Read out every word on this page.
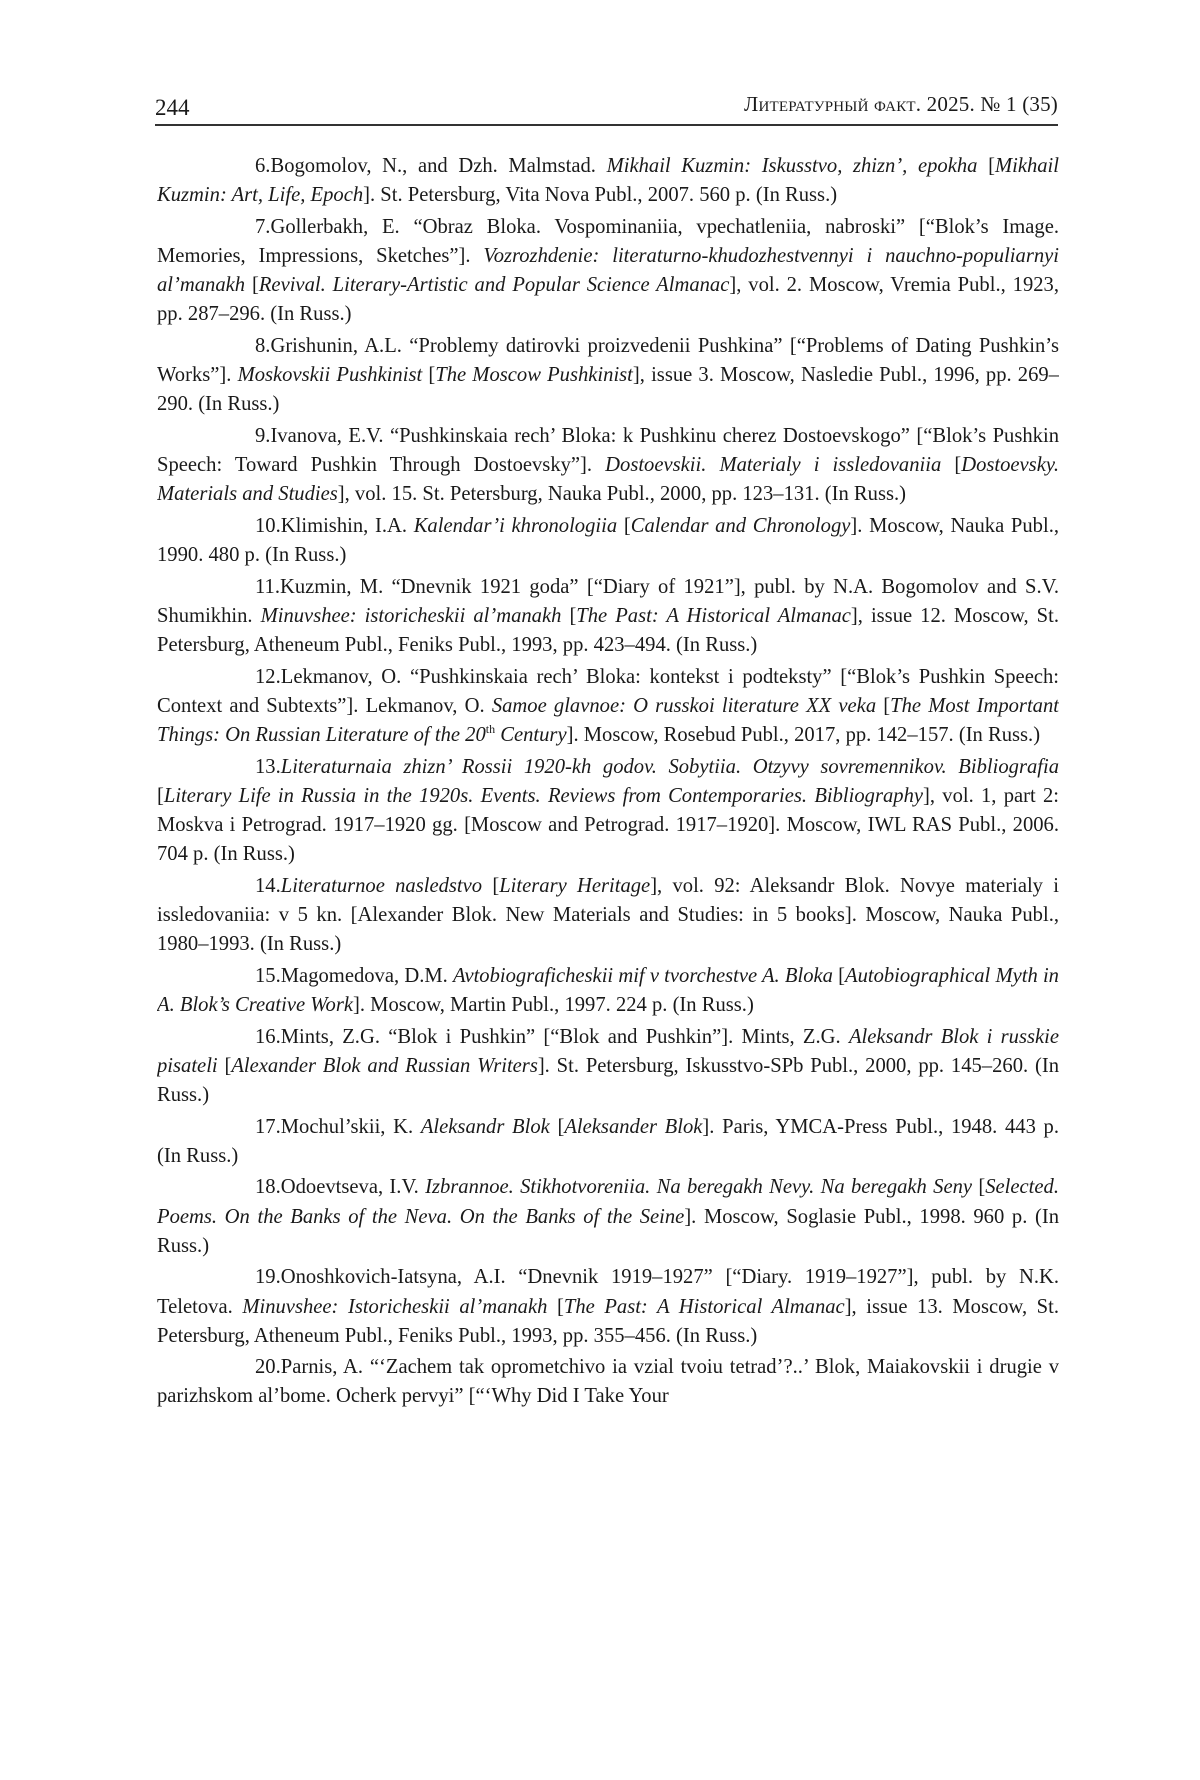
244	Литературный факт. 2025. № 1 (35)

6.Bogomolov, N., and Dzh. Malmstad. Mikhail Kuzmin: Iskusstvo, zhizn’, epokha [Mikhail Kuzmin: Art, Life, Epoch]. St. Petersburg, Vita Nova Publ., 2007. 560 p. (In Russ.)

7.Gollerbakh, E. “Obraz Bloka. Vospominaniia, vpechatleniia, nabroski” [“Blok’s Image. Memories, Impressions, Sketches”]. Vozrozhdenie: literaturno-khudozhestvennyi i nauchno-populiarnyi al’manakh [Revival. Literary-Artistic and Popular Science Almanac], vol. 2. Moscow, Vremia Publ., 1923, pp. 287–296. (In Russ.)

8.Grishunin, A.L. “Problemy datirovki proizvedenii Pushkina” [“Problems of Dating Pushkin’s Works”]. Moskovskii Pushkinist [The Moscow Pushkinist], issue 3. Moscow, Nasledie Publ., 1996, pp. 269–290. (In Russ.)

9.Ivanova, E.V. “Pushkinskaia rech’ Bloka: k Pushkinu cherez Dostoevskogo” [“Blok’s Pushkin Speech: Toward Pushkin Through Dostoevsky”]. Dostoevskii. Materialy i issledovaniia [Dostoevsky. Materials and Studies], vol. 15. St. Petersburg, Nauka Publ., 2000, pp. 123–131. (In Russ.)

10.Klimishin, I.A. Kalendar’i khronologiia [Calendar and Chronology]. Moscow, Nauka Publ., 1990. 480 p. (In Russ.)

11.Kuzmin, M. “Dnevnik 1921 goda” [“Diary of 1921”], publ. by N.A. Bogomolov and S.V. Shumikhin. Minuvshee: istoricheskii al’manakh [The Past: A Historical Almanac], issue 12. Moscow, St. Petersburg, Atheneum Publ., Feniks Publ., 1993, pp. 423–494. (In Russ.)

12.Lekmanov, O. “Pushkinskaia rech’ Bloka: kontekst i podteksty” [“Blok’s Pushkin Speech: Context and Subtexts”]. Lekmanov, O. Samoe glavnoe: O russkoi literature XX veka [The Most Important Things: On Russian Literature of the 20th Century]. Moscow, Rosebud Publ., 2017, pp. 142–157. (In Russ.)

13.Literaturnaia zhizn’ Rossii 1920-kh godov. Sobytiia. Otzyvy sovremennikov. Bibliografia [Literary Life in Russia in the 1920s. Events. Reviews from Contemporaries. Bibliography], vol. 1, part 2: Moskva i Petrograd. 1917–1920 gg. [Moscow and Petrograd. 1917–1920]. Moscow, IWL RAS Publ., 2006. 704 p. (In Russ.)

14.Literaturnoe nasledstvo [Literary Heritage], vol. 92: Aleksandr Blok. Novye materialy i issledovaniia: v 5 kn. [Alexander Blok. New Materials and Studies: in 5 books]. Moscow, Nauka Publ., 1980–1993. (In Russ.)

15.Magomedova, D.M. Avtobiograficheskii mif v tvorchestve A. Bloka [Autobiographical Myth in A. Blok’s Creative Work]. Moscow, Martin Publ., 1997. 224 p. (In Russ.)

16.Mints, Z.G. “Blok i Pushkin” [“Blok and Pushkin”]. Mints, Z.G. Aleksandr Blok i russkie pisateli [Alexander Blok and Russian Writers]. St. Petersburg, Iskusstvo-SPb Publ., 2000, pp. 145–260. (In Russ.)

17.Mochul’skii, K. Aleksandr Blok [Aleksander Blok]. Paris, YMCA-Press Publ., 1948. 443 p. (In Russ.)

18.Odoevtseva, I.V. Izbrannoe. Stikhotvoreniia. Na beregakh Nevy. Na beregakh Seny [Selected. Poems. On the Banks of the Neva. On the Banks of the Seine]. Moscow, Soglasie Publ., 1998. 960 p. (In Russ.)

19.Onoshkovich-Iatsyna, A.I. “Dnevnik 1919–1927” [“Diary. 1919–1927”], publ. by N.K. Teletova. Minuvshee: Istoricheskii al’manakh [The Past: A Historical Almanac], issue 13. Moscow, St. Petersburg, Atheneum Publ., Feniks Publ., 1993, pp. 355–456. (In Russ.)

20.Parnis, A. “‘Zachem tak oprometchivo ia vzial tvoiu tetrad’?..’ Blok, Maiakovskii i drugie v parizhskom al’bome. Ocherk pervyi” [“‘Why Did I Take Your
